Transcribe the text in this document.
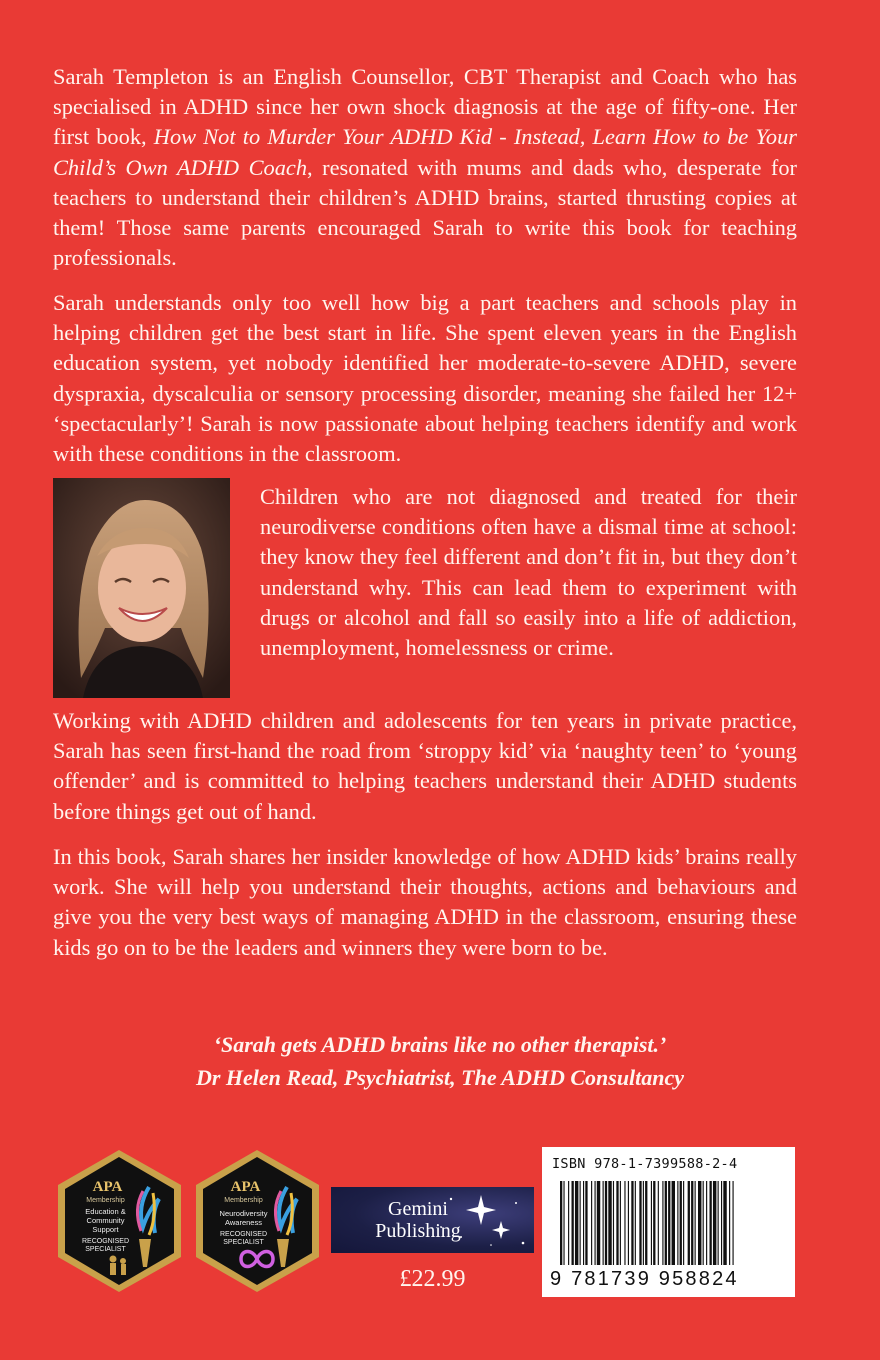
Sarah Templeton is an English Counsellor, CBT Therapist and Coach who has specialised in ADHD since her own shock diagnosis at the age of fifty-one. Her first book, How Not to Murder Your ADHD Kid - Instead, Learn How to be Your Child’s Own ADHD Coach, resonated with mums and dads who, desperate for teachers to understand their children’s ADHD brains, started thrusting copies at them! Those same parents encouraged Sarah to write this book for teaching professionals.

Sarah understands only too well how big a part teachers and schools play in helping children get the best start in life. She spent eleven years in the English education system, yet nobody identified her moderate-to-severe ADHD, severe dyspraxia, dyscalculia or sensory processing disorder, meaning she failed her 12+ ‘spectacularly’! Sarah is now passionate about helping teachers identify and work with these conditions in the classroom.

Children who are not diagnosed and treated for their neurodiverse conditions often have a dismal time at school: they know they feel different and don’t fit in, but they don’t understand why. This can lead them to experiment with drugs or alcohol and fall so easily into a life of addiction, unemployment, homelessness or crime.

Working with ADHD children and adolescents for ten years in private practice, Sarah has seen first-hand the road from ‘stroppy kid’ via ‘naughty teen’ to ‘young offender’ and is committed to helping teachers understand their ADHD students before things get out of hand.

In this book, Sarah shares her insider knowledge of how ADHD kids’ brains really work. She will help you understand their thoughts, actions and behaviours and give you the very best ways of managing ADHD in the classroom, ensuring these kids go on to be the leaders and winners they were born to be.

‘Sarah gets ADHD brains like no other therapist.’
Dr Helen Read, Psychiatrist, The ADHD Consultancy
APA
Membership
Education &
Community
Support
RECOGNISED
SPECIALIST
APA
Membership
Neurodiversity
Awareness
RECOGNISED
SPECIALIST
Gemini
Publishing
£22.99
ISBN 978-1-7399588-2-4
9 781739 958824
